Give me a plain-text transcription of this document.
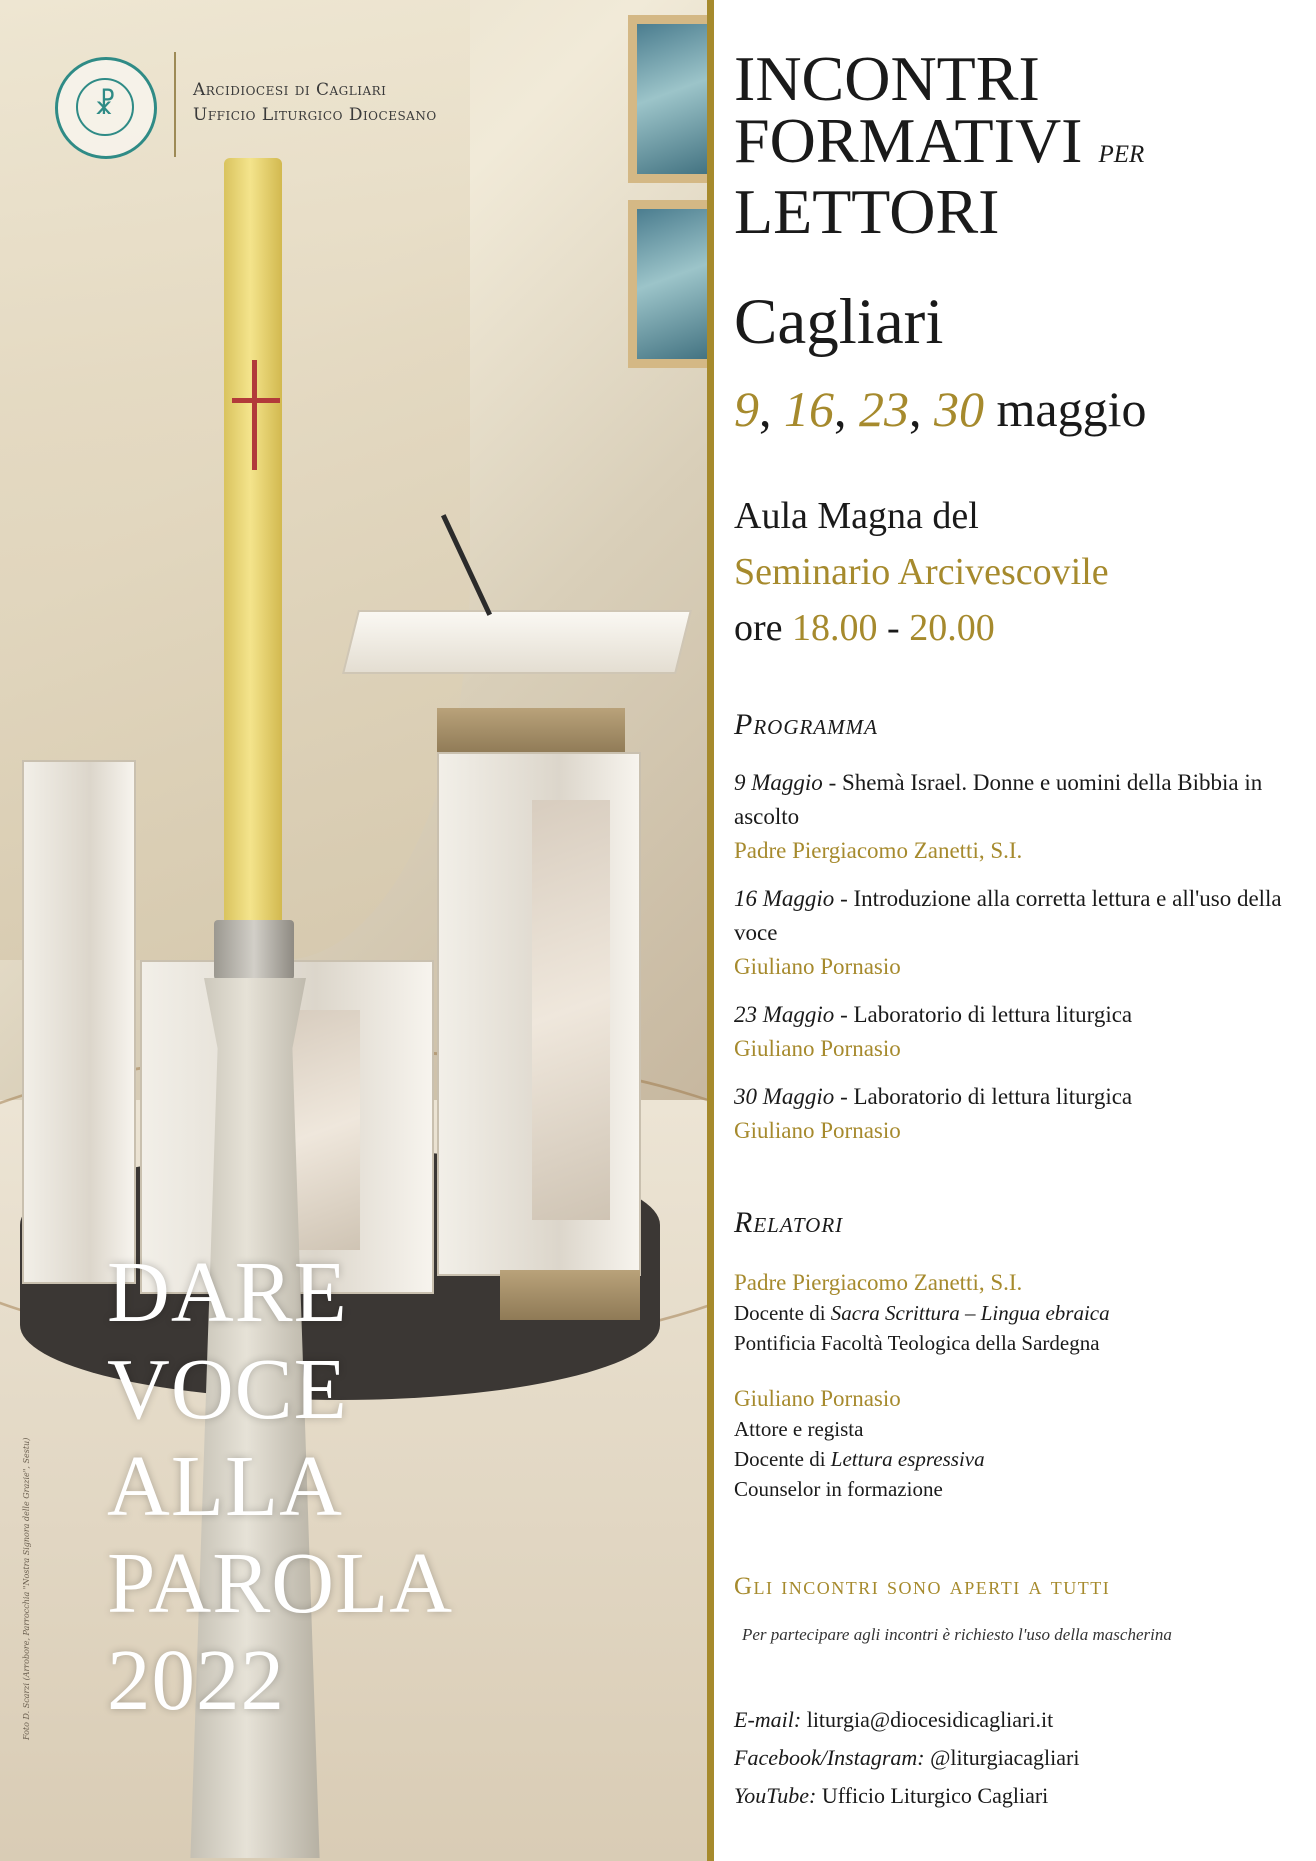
☧	Arcidiocesi di Cagliari
Ufficio Liturgico Diocesano
DARE
VOCE
ALLA
PAROLA
2022
Foto D. Scarzi (Arrobore, Parrocchia "Nostra Signora delle Grazie", Sestu)
INCONTRI
FORMATIVI per
LETTORI
Cagliari
9, 16, 23, 30 maggio
Aula Magna del
Seminario Arcivescovile
ore 18.00 - 20.00
Programma
9 Maggio - Shemà Israel. Donne e uomini della Bibbia in ascolto
Padre Piergiacomo Zanetti, S.I.
16 Maggio - Introduzione alla corretta lettura e all'uso della voce
Giuliano Pornasio
23 Maggio - Laboratorio di lettura liturgica
Giuliano Pornasio
30 Maggio - Laboratorio di lettura liturgica
Giuliano Pornasio
Relatori
Padre Piergiacomo Zanetti, S.I.
Docente di Sacra Scrittura – Lingua ebraica
Pontificia Facoltà Teologica della Sardegna
Giuliano Pornasio
Attore e regista
Docente di Lettura espressiva
Counselor in formazione
Gli incontri sono aperti a tutti
Per partecipare agli incontri è richiesto l'uso della mascherina
E-mail: liturgia@diocesidicagliari.it
Facebook/Instagram: @liturgiacagliari
YouTube: Ufficio Liturgico Cagliari
